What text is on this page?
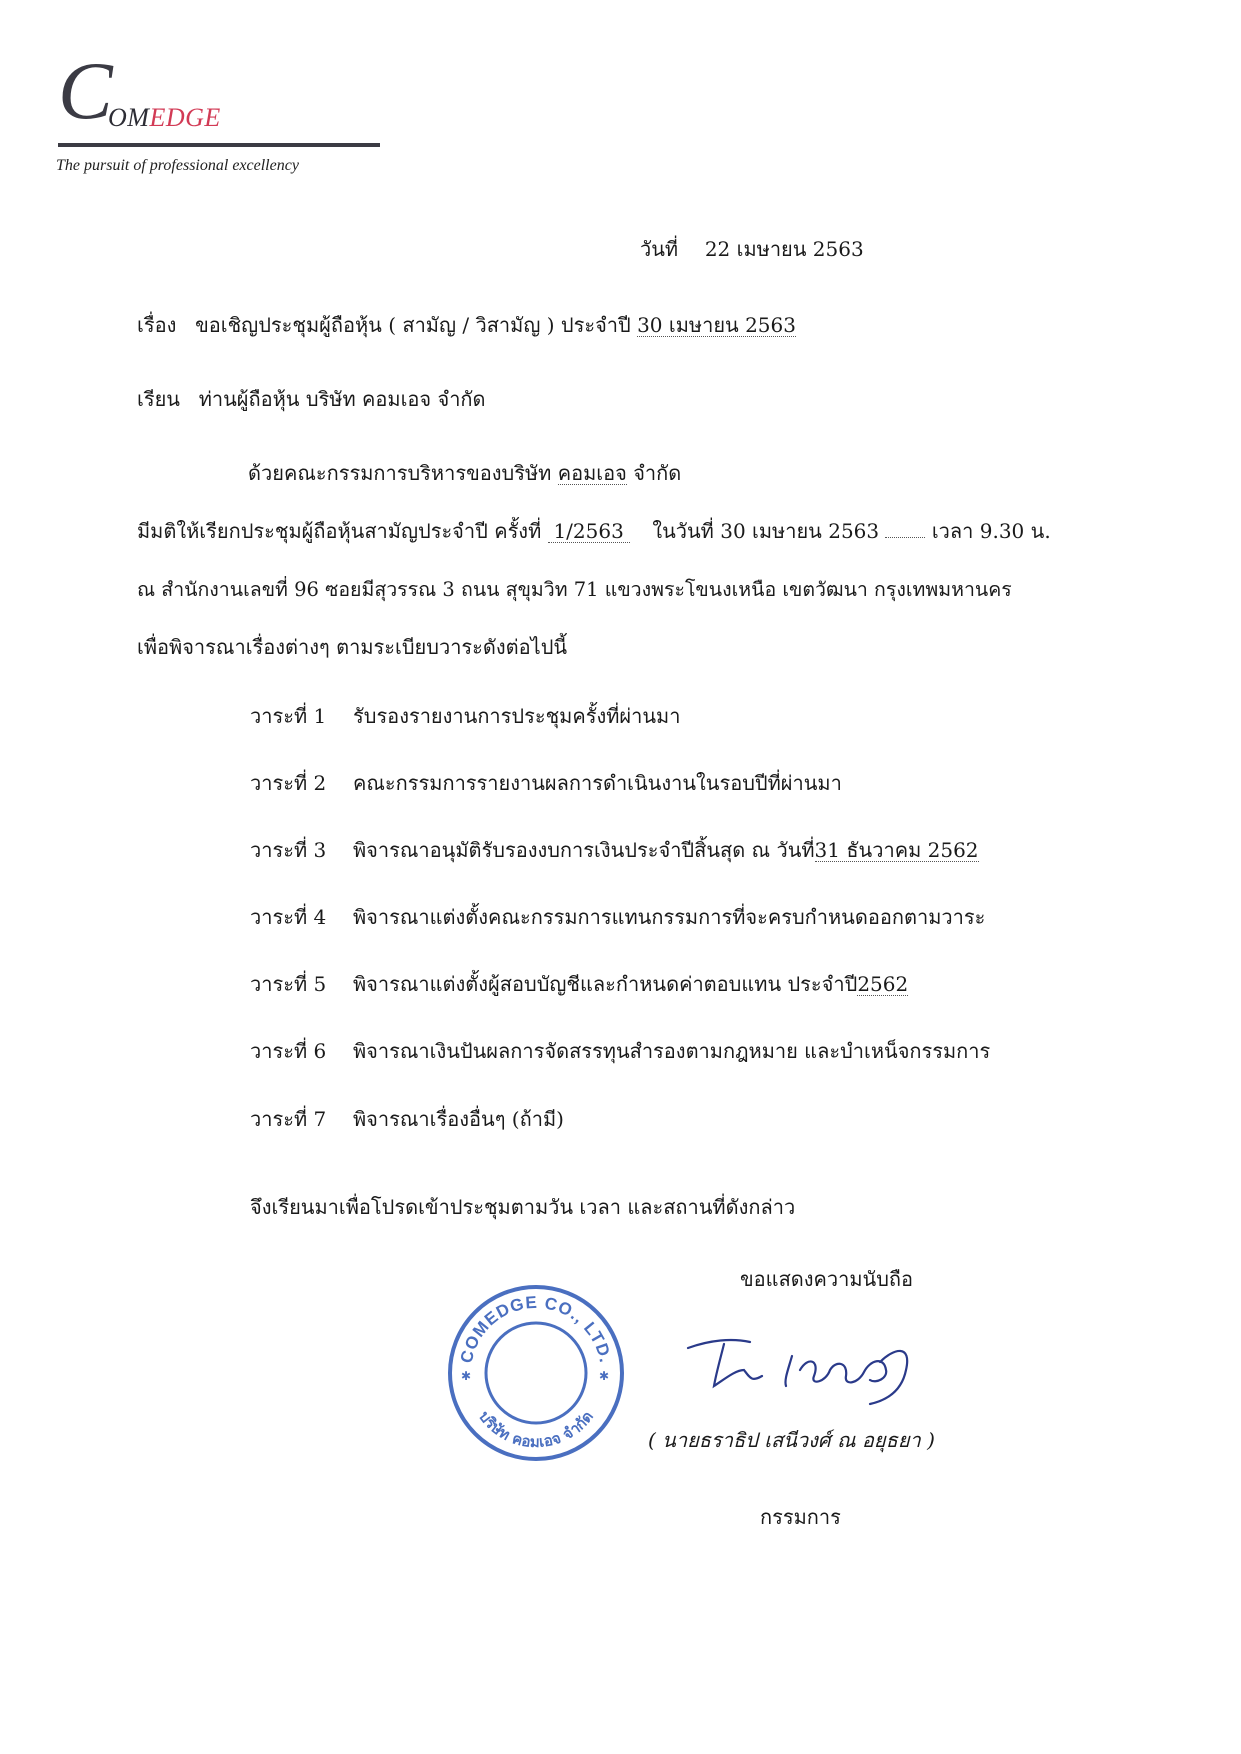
C
OMEDGE
The pursuit of professional excellency
วันที่ 22 เมษายน 2563
เรื่อง ขอเชิญประชุมผู้ถือหุ้น ( สามัญ / วิสามัญ ) ประจำปี 30 เมษายน 2563
เรียน ท่านผู้ถือหุ้น บริษัท คอมเอจ จำกัด
ด้วยคณะกรรมการบริหารของบริษัท คอมเอจ จำกัด
มีมติให้เรียกประชุมผู้ถือหุ้นสามัญประจำปี ครั้งที่ 1/2563 ในวันที่ 30 เมษายน 2563	เวลา 9.30 น.
ณ สำนักงานเลขที่ 96 ซอยมีสุวรรณ 3 ถนน สุขุมวิท 71 แขวงพระโขนงเหนือ เขตวัฒนา กรุงเทพมหานคร
เพื่อพิจารณาเรื่องต่างๆ ตามระเบียบวาระดังต่อไปนี้
วาระที่ 1 รับรองรายงานการประชุมครั้งที่ผ่านมา
วาระที่ 2 คณะกรรมการรายงานผลการดำเนินงานในรอบปีที่ผ่านมา
วาระที่ 3 พิจารณาอนุมัติรับรองงบการเงินประจำปีสิ้นสุด ณ วันที่31 ธันวาคม 2562
วาระที่ 4 พิจารณาแต่งตั้งคณะกรรมการแทนกรรมการที่จะครบกำหนดออกตามวาระ
วาระที่ 5 พิจารณาแต่งตั้งผู้สอบบัญชีและกำหนดค่าตอบแทน ประจำปี2562
วาระที่ 6 พิจารณาเงินปันผลการจัดสรรทุนสำรองตามกฎหมาย และบำเหน็จกรรมการ
วาระที่ 7 พิจารณาเรื่องอื่นๆ (ถ้ามี)
จึงเรียนมาเพื่อโปรดเข้าประชุมตามวัน เวลา และสถานที่ดังกล่าว
ขอแสดงความนับถือ
COMEDGE CO., LTD.
บริษัท คอมเอจ จำกัด
✱	✱
( นายธราธิป เสนีวงศ์ ณ อยุธยา )
กรรมการ
